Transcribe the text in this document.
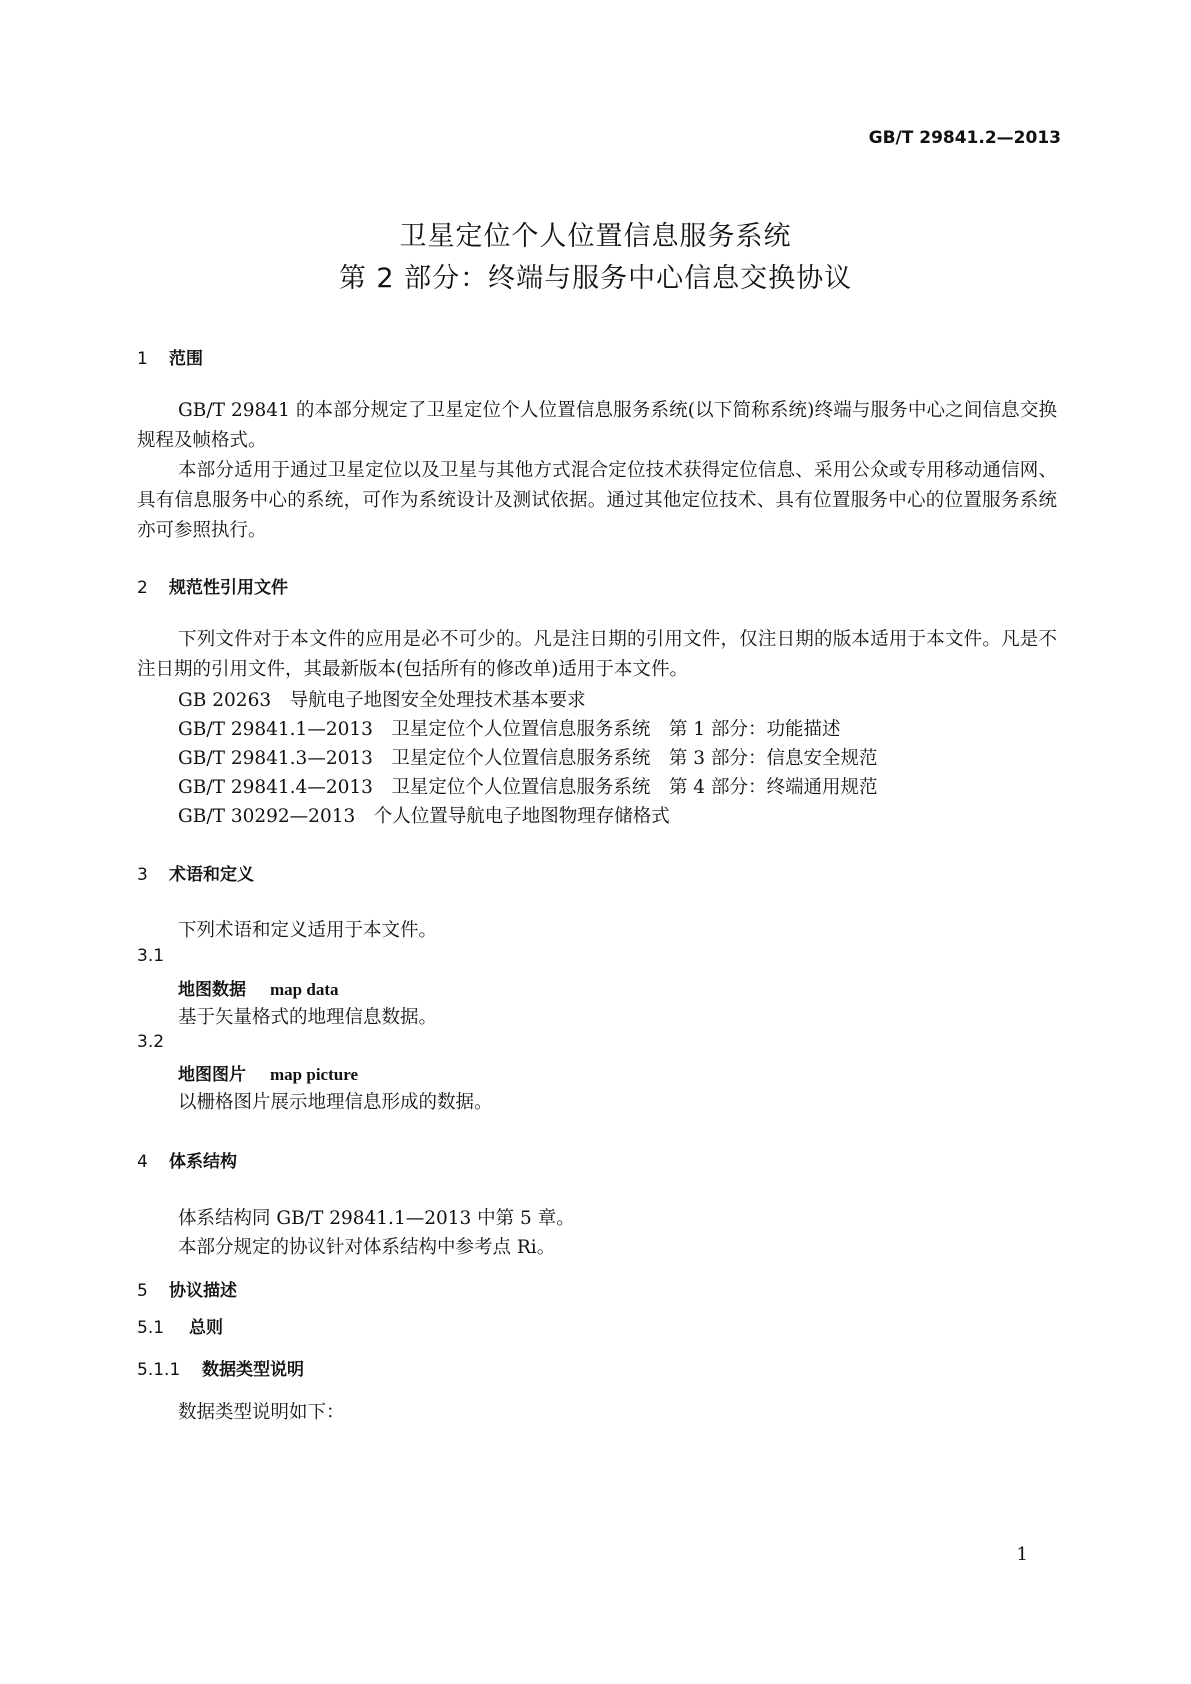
GB/T 29841.2—2013
卫星定位个人位置信息服务系统
第 2 部分：终端与服务中心信息交换协议
1 范围
GB/T 29841 的本部分规定了卫星定位个人位置信息服务系统(以下简称系统)终端与服务中心之间信息交换规程及帧格式。
本部分适用于通过卫星定位以及卫星与其他方式混合定位技术获得定位信息、采用公众或专用移动通信网、具有信息服务中心的系统，可作为系统设计及测试依据。通过其他定位技术、具有位置服务中心的位置服务系统亦可参照执行。
2 规范性引用文件
下列文件对于本文件的应用是必不可少的。凡是注日期的引用文件，仅注日期的版本适用于本文件。凡是不注日期的引用文件，其最新版本(包括所有的修改单)适用于本文件。
GB 20263　导航电子地图安全处理技术基本要求
GB/T 29841.1—2013　卫星定位个人位置信息服务系统　第 1 部分：功能描述
GB/T 29841.3—2013　卫星定位个人位置信息服务系统　第 3 部分：信息安全规范
GB/T 29841.4—2013　卫星定位个人位置信息服务系统　第 4 部分：终端通用规范
GB/T 30292—2013　个人位置导航电子地图物理存储格式
3 术语和定义
下列术语和定义适用于本文件。
3.1
地图数据 map data
基于矢量格式的地理信息数据。
3.2
地图图片 map picture
以栅格图片展示地理信息形成的数据。
4 体系结构
体系结构同 GB/T 29841.1—2013 中第 5 章。
本部分规定的协议针对体系结构中参考点 Ri。
5 协议描述
5.1 总则
5.1.1 数据类型说明
数据类型说明如下：
1
